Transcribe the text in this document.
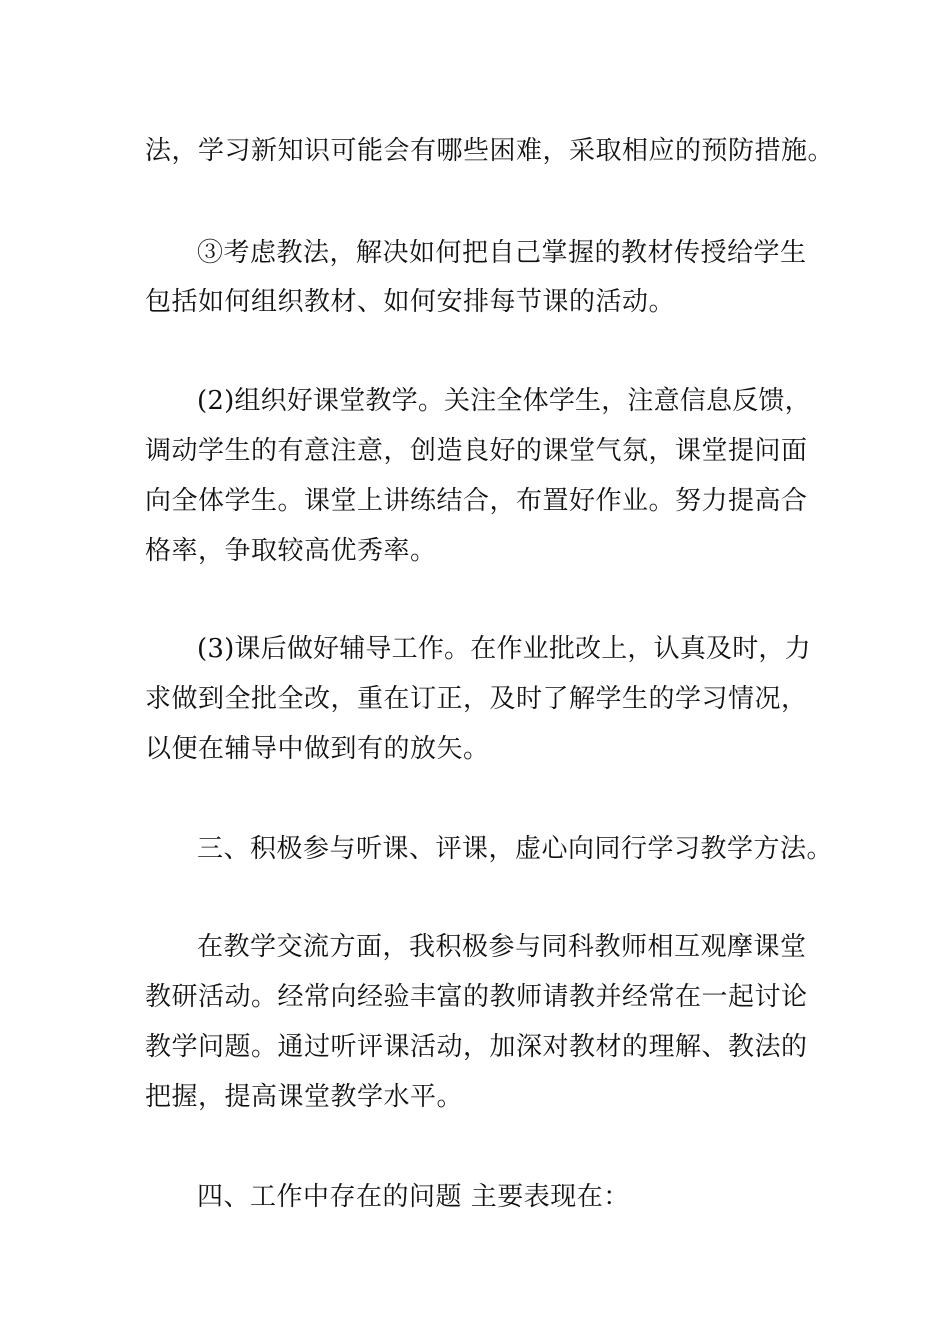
法，学习新知识可能会有哪些困难，采取相应的预防措施。
③考虑教法，解决如何把自己掌握的教材传授给学生
包括如何组织教材、如何安排每节课的活动。
(2)组织好课堂教学。关注全体学生，注意信息反馈，
调动学生的有意注意，创造良好的课堂气氛，课堂提问面
向全体学生。课堂上讲练结合，布置好作业。努力提高合
格率，争取较高优秀率。
(3)课后做好辅导工作。在作业批改上，认真及时，力
求做到全批全改，重在订正，及时了解学生的学习情况，
以便在辅导中做到有的放矢。
三、积极参与听课、评课，虚心向同行学习教学方法。
在教学交流方面，我积极参与同科教师相互观摩课堂
教研活动。经常向经验丰富的教师请教并经常在一起讨论
教学问题。通过听评课活动，加深对教材的理解、教法的
把握，提高课堂教学水平。
四、工作中存在的问题 主要表现在：
